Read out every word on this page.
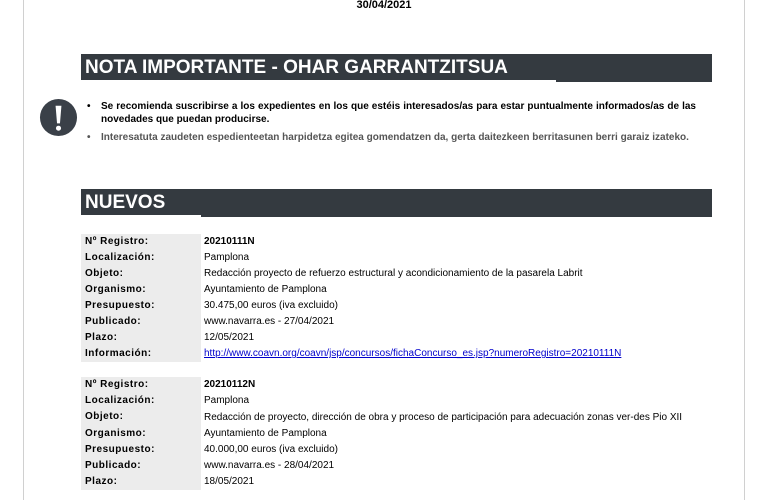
30/04/2021
NOTA IMPORTANTE - OHAR GARRANTZITSUA
• Se recomienda suscribirse a los expedientes en los que estéis interesados/as para estar puntualmente informados/as de las novedades que puedan producirse.
• Interesatuta zaudeten espedienteetan harpidetza egitea gomendatzen da, gerta daitezkeen berritasunen berri garaiz izateko.
NUEVOS
Nº Registro:	20210111N
Localización:	Pamplona
Objeto:	Redacción proyecto de refuerzo estructural y acondicionamiento de la pasarela Labrit
Organismo:	Ayuntamiento de Pamplona
Presupuesto:	30.475,00 euros (iva excluido)
Publicado:	www.navarra.es - 27/04/2021
Plazo:	12/05/2021
Información:	http://www.coavn.org/coavn/jsp/concursos/fichaConcurso_es.jsp?numeroRegistro=20210111N
Nº Registro:	20210112N
Localización:	Pamplona
Objeto:	Redacción de proyecto, dirección de obra y proceso de participación para adecuación zonas ver-des Pio XII
Organismo:	Ayuntamiento de Pamplona
Presupuesto:	40.000,00 euros (iva excluido)
Publicado:	www.navarra.es - 28/04/2021
Plazo:	18/05/2021
